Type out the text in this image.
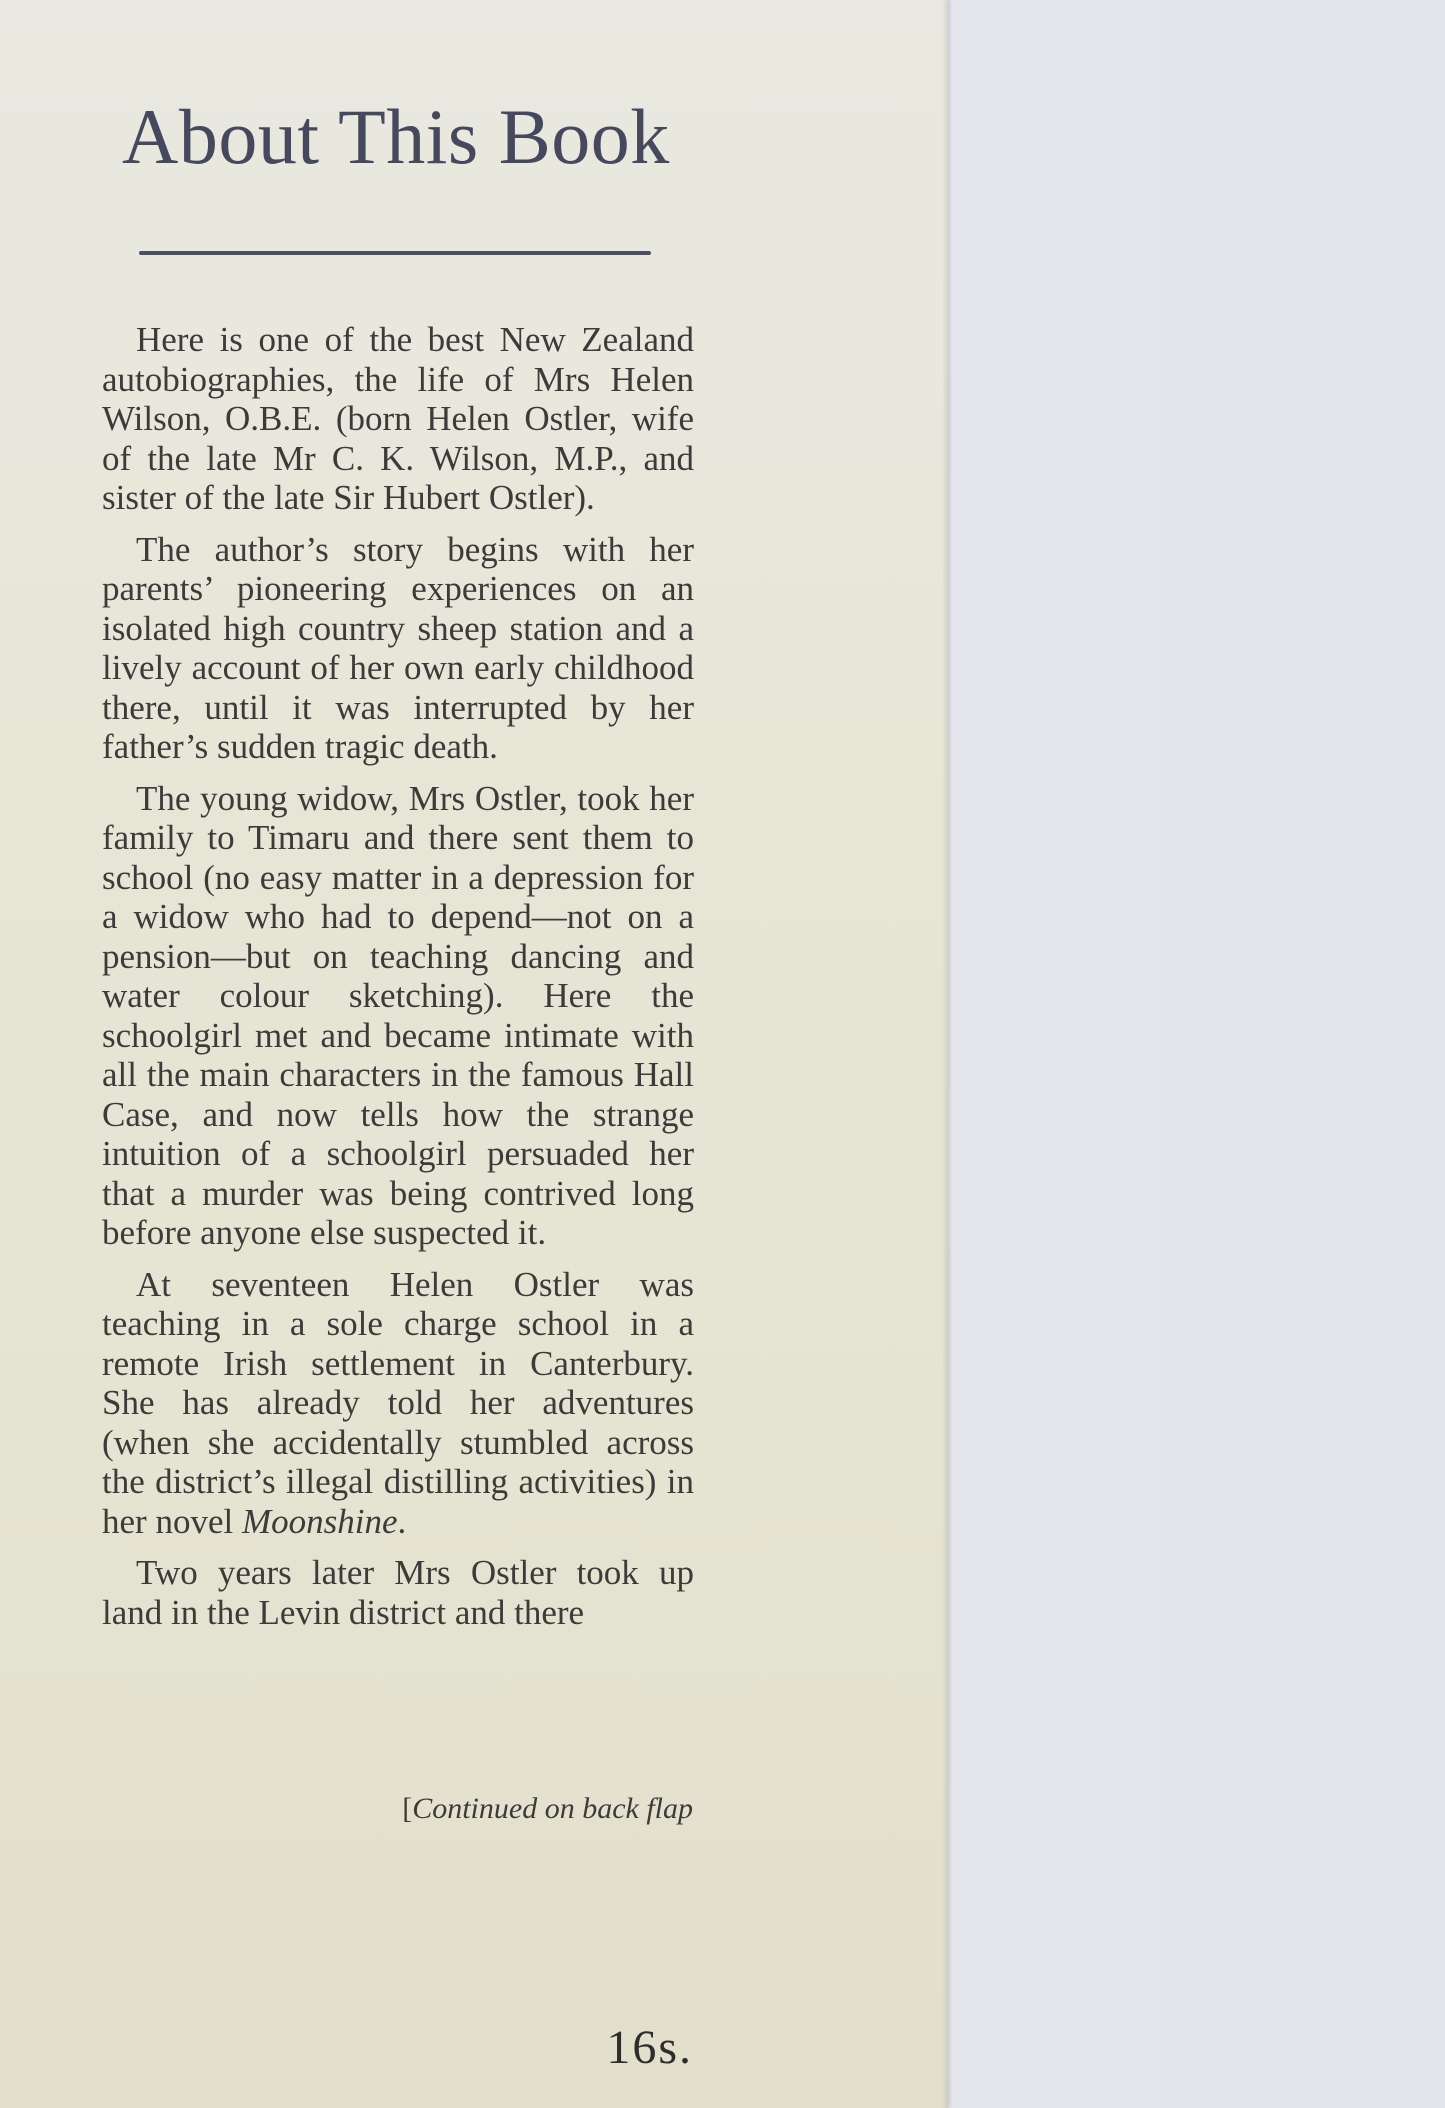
About This Book

Here is one of the best New Zealand autobiographies, the life of Mrs Helen Wilson, O.B.E. (born Helen Ostler, wife of the late Mr C. K. Wilson, M.P., and sister of the late Sir Hubert Ostler).

The author’s story begins with her parents’ pioneering experiences on an isolated high country sheep station and a lively account of her own early childhood there, until it was interrupted by her father’s sudden tragic death.

The young widow, Mrs Ostler, took her family to Timaru and there sent them to school (no easy matter in a depression for a widow who had to depend—not on a pension—but on teaching dancing and water colour sketching). Here the schoolgirl met and became intimate with all the main characters in the famous Hall Case, and now tells how the strange intuition of a schoolgirl persuaded her that a murder was being contrived long before anyone else suspected it.

At seventeen Helen Ostler was teaching in a sole charge school in a remote Irish settlement in Canterbury. She has already told her adventures (when she accidentally stumbled across the district’s illegal distilling activities) in her novel Moonshine.

Two years later Mrs Ostler took up land in the Levin district and there

[Continued on back flap
16s.
